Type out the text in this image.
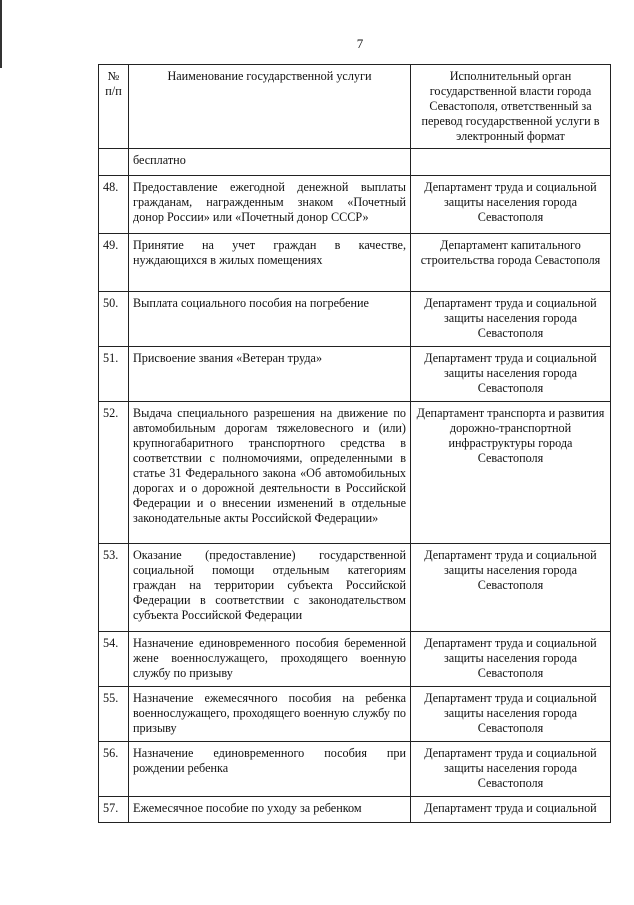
7
№
п/п	Наименование государственной услуги	Исполнительный орган государственной власти города Севастополя, ответственный за перевод государственной услуги в электронный формат
	бесплатно	
48.	Предоставление ежегодной денежной выплаты гражданам, награжденным знаком «Почетный донор России» или «Почетный донор СССР»	Департамент труда и социальной защиты населения города Севастополя
49.	Принятие на учет граждан в качестве, нуждающихся в жилых помещениях	Департамент капитального строительства города Севастополя
50.	Выплата социального пособия на погребение	Департамент труда и социальной защиты населения города Севастополя
51.	Присвоение звания «Ветеран труда»	Департамент труда и социальной защиты населения города Севастополя
52.	Выдача специального разрешения на движение по автомобильным дорогам тяжеловесного и (или) крупногабаритного транспортного средства в соответствии с полномочиями, определенными в статье 31 Федерального закона «Об автомобильных дорогах и о дорожной деятельности в Российской Федерации и о внесении изменений в отдельные законодательные акты Российской Федерации»	Департамент транспорта и развития дорожно-транспортной инфраструктуры города Севастополя
53.	Оказание (предоставление) государственной социальной помощи отдельным категориям граждан на территории субъекта Российской Федерации в соответствии с законодательством субъекта Российской Федерации	Департамент труда и социальной защиты населения города Севастополя
54.	Назначение единовременного пособия беременной жене военнослужащего, проходящего военную службу по призыву	Департамент труда и социальной защиты населения города Севастополя
55.	Назначение ежемесячного пособия на ребенка военнослужащего, проходящего военную службу по призыву	Департамент труда и социальной защиты населения города Севастополя
56.	Назначение единовременного пособия при рождении ребенка	Департамент труда и социальной защиты населения города Севастополя
57.	Ежемесячное пособие по уходу за ребенком	Департамент труда и социальной
